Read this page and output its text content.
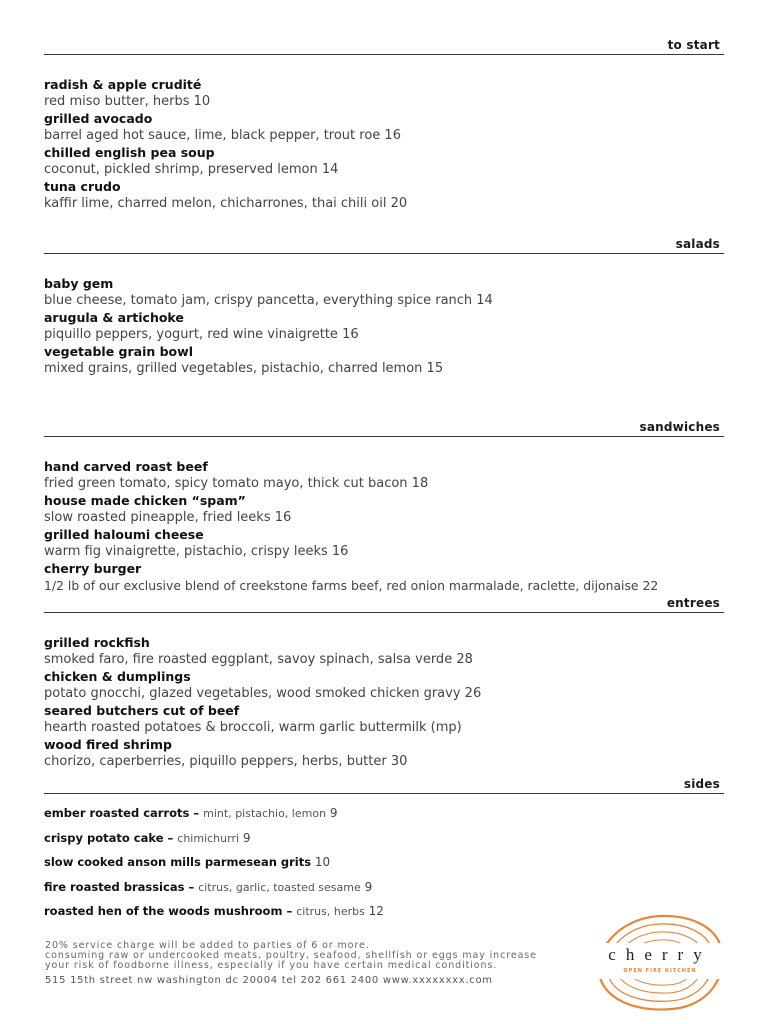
to start
radish & apple crudité
red miso butter, herbs 10
grilled avocado
barrel aged hot sauce, lime, black pepper, trout roe 16
chilled english pea soup
coconut, pickled shrimp, preserved lemon 14
tuna crudo
kaffir lime, charred melon, chicharrones, thai chili oil 20
salads
baby gem
blue cheese, tomato jam, crispy pancetta, everything spice ranch 14
arugula & artichoke
piquillo peppers, yogurt, red wine vinaigrette 16
vegetable grain bowl
mixed grains, grilled vegetables, pistachio, charred lemon 15
sandwiches
hand carved roast beef
fried green tomato, spicy tomato mayo, thick cut bacon 18
house made chicken “spam”
slow roasted pineapple, fried leeks 16
grilled haloumi cheese
warm fig vinaigrette, pistachio, crispy leeks 16
cherry burger
1/2 lb of our exclusive blend of creekstone farms beef, red onion marmalade, raclette, dijonaise 22
entrees
grilled rockfish
smoked faro, fire roasted eggplant, savoy spinach, salsa verde 28
chicken & dumplings
potato gnocchi, glazed vegetables, wood smoked chicken gravy 26
seared butchers cut of beef
hearth roasted potatoes & broccoli, warm garlic buttermilk (mp)
wood fired shrimp
chorizo, caperberries, piquillo peppers, herbs, butter 30
sides
ember roasted carrots – mint, pistachio, lemon 9
crispy potato cake – chimichurri 9
slow cooked anson mills parmesean grits 10
fire roasted brassicas – citrus, garlic, toasted sesame 9
roasted hen of the woods mushroom – citrus, herbs 12
20% service charge will be added to parties of 6 or more.
consuming raw or undercooked meats, poultry, seafood, shellfish or eggs may increase
your risk of foodborne illness, especially if you have certain medical conditions.
515 15th street nw washington dc 20004 tel 202 661 2400 www.xxxxxxxx.com
cherry
OPEN FIRE KITCHEN
